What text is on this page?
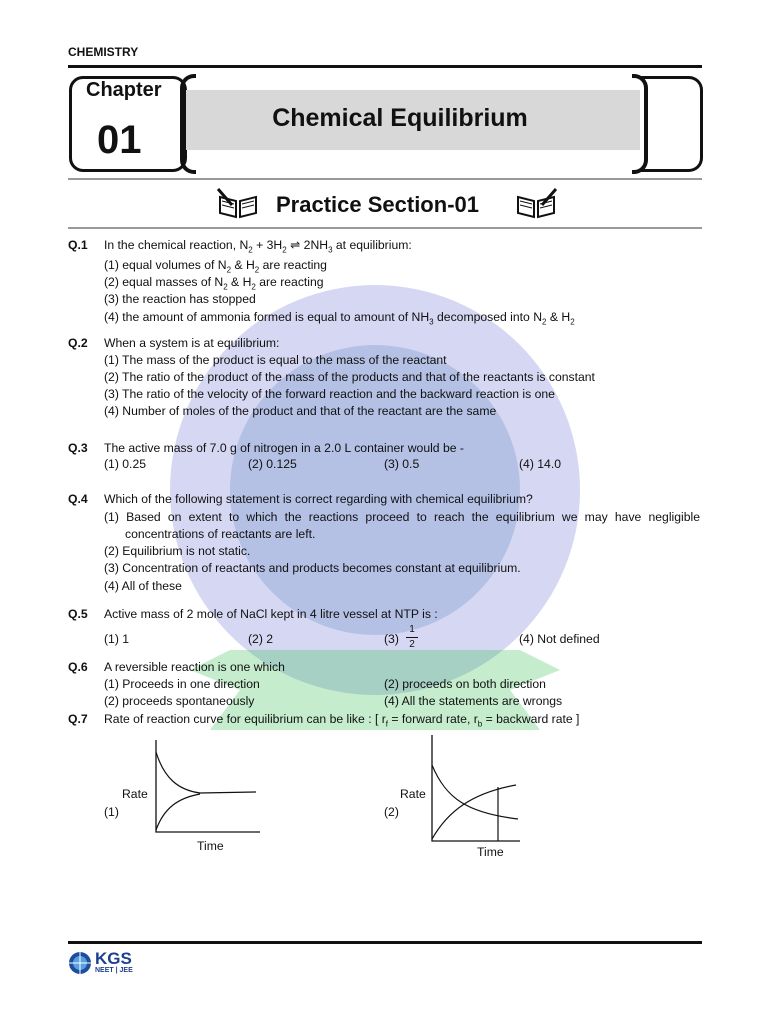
CHEMISTRY
Chapter
01	Chemical Equilibrium
Practice Section-01
Q.1 In the chemical reaction, $N_2 + 3H_2$ ⇌ $2NH_3$ at equilibrium:
(1) equal volumes of $N_2$ & $H_2$ are reacting
(2) equal masses of $N_2$ & $H_2$ are reacting
(3) the reaction has stopped
(4) the amount of ammonia formed is equal to amount of $NH_3$ decomposed into $N_2$ & $H_2$
Q.2 When a system is at equilibrium:
(1) The mass of the product is equal to the mass of the reactant
(2) The ratio of the product of the mass of the products and that of the reactants is constant
(3) The ratio of the velocity of the forward reaction and the backward reaction is one
(4) Number of moles of the product and that of the reactant are the same
Q.3 The active mass of 7.0 g of nitrogen in a 2.0 L container would be -
(1) 0.25	(2) 0.125	(3) 0.5	(4) 14.0
Q.4 Which of the following statement is correct regarding with chemical equilibrium?
(1) Based on extent to which the reactions proceed to reach the equilibrium we may have negligible
concentrations of reactants are left.
(2) Equilibrium is not static.
(3) Concentration of reactants and products becomes constant at equilibrium.
(4) All of these
Q.5 Active mass of 2 mole of NaCl kept in 4 litre vessel at NTP is :
(1) 1	(2) 2	$(3) \frac{1}{2}$	(4) Not defined
Q.6 A reversible reaction is one which
(1) Proceeds in one direction	(2) proceeds on both direction
(2) proceeds spontaneously	(4) All the statements are wrongs
Q.7 Rate of reaction curve for equilibrium can be like : [ $r_f$ = forward rate, $r_b$ = backward rate ]
Rate
(1)
Time
Rate
(2)
Time
KGS
NEET | JEE
